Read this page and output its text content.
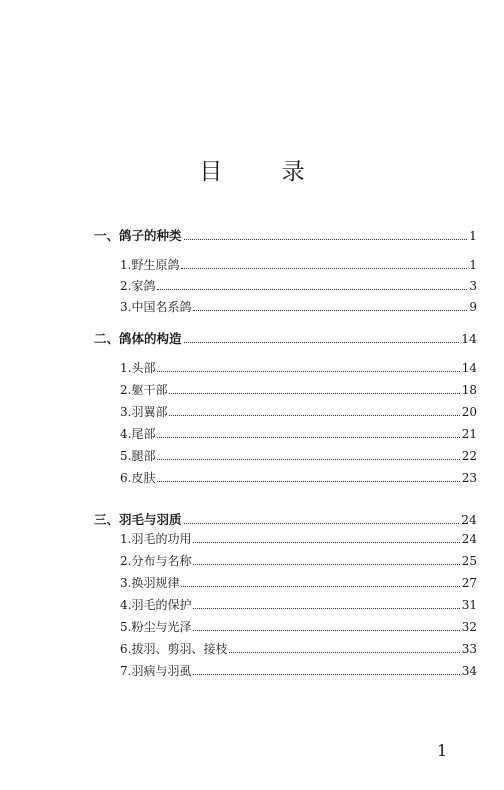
目 录
一、鸽子的种类	1
1.野生原鸽	1
2.家鸽	3
3.中国名系鸽	9
二、鸽体的构造	14
1.头部	14
2.躯干部	18
3.羽翼部	20
4.尾部	21
5.腿部	22
6.皮肤	23
三、羽毛与羽质	24
1.羽毛的功用	24
2.分布与名称	25
3.换羽规律	27
4.羽毛的保护	31
5.粉尘与光泽	32
6.拔羽、剪羽、接枝	33
7.羽病与羽虱	34
1
